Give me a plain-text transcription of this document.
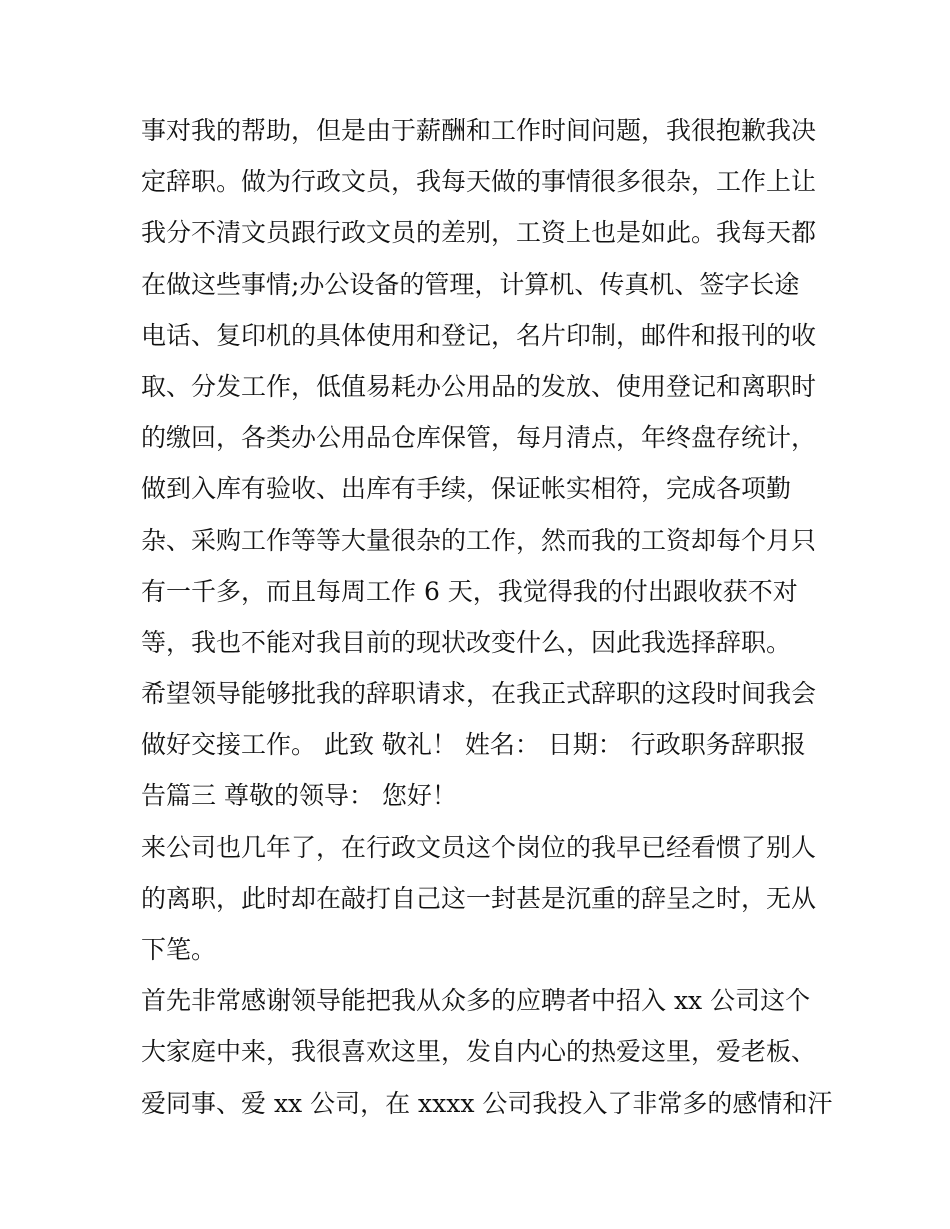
事对我的帮助，但是由于薪酬和工作时间问题，我很抱歉我决
定辞职。做为行政文员，我每天做的事情很多很杂，工作上让
我分不清文员跟行政文员的差别，工资上也是如此。我每天都
在做这些事情;办公设备的管理，计算机、传真机、签字长途
电话、复印机的具体使用和登记，名片印制，邮件和报刊的收
取、分发工作，低值易耗办公用品的发放、使用登记和离职时
的缴回，各类办公用品仓库保管，每月清点，年终盘存统计，
做到入库有验收、出库有手续，保证帐实相符，完成各项勤
杂、采购工作等等大量很杂的工作，然而我的工资却每个月只
有一千多，而且每周工作 6 天，我觉得我的付出跟收获不对
等，我也不能对我目前的现状改变什么，因此我选择辞职。
希望领导能够批我的辞职请求，在我正式辞职的这段时间我会
做好交接工作。 此致 敬礼！ 姓名： 日期： 行政职务辞职报
告篇三 尊敬的领导： 您好！
来公司也几年了，在行政文员这个岗位的我早已经看惯了别人
的离职，此时却在敲打自己这一封甚是沉重的辞呈之时，无从
下笔。
首先非常感谢领导能把我从众多的应聘者中招入 xx 公司这个
大家庭中来，我很喜欢这里，发自内心的热爱这里，爱老板、
爱同事、爱 xx 公司，在 xxxx 公司我投入了非常多的感情和汗
